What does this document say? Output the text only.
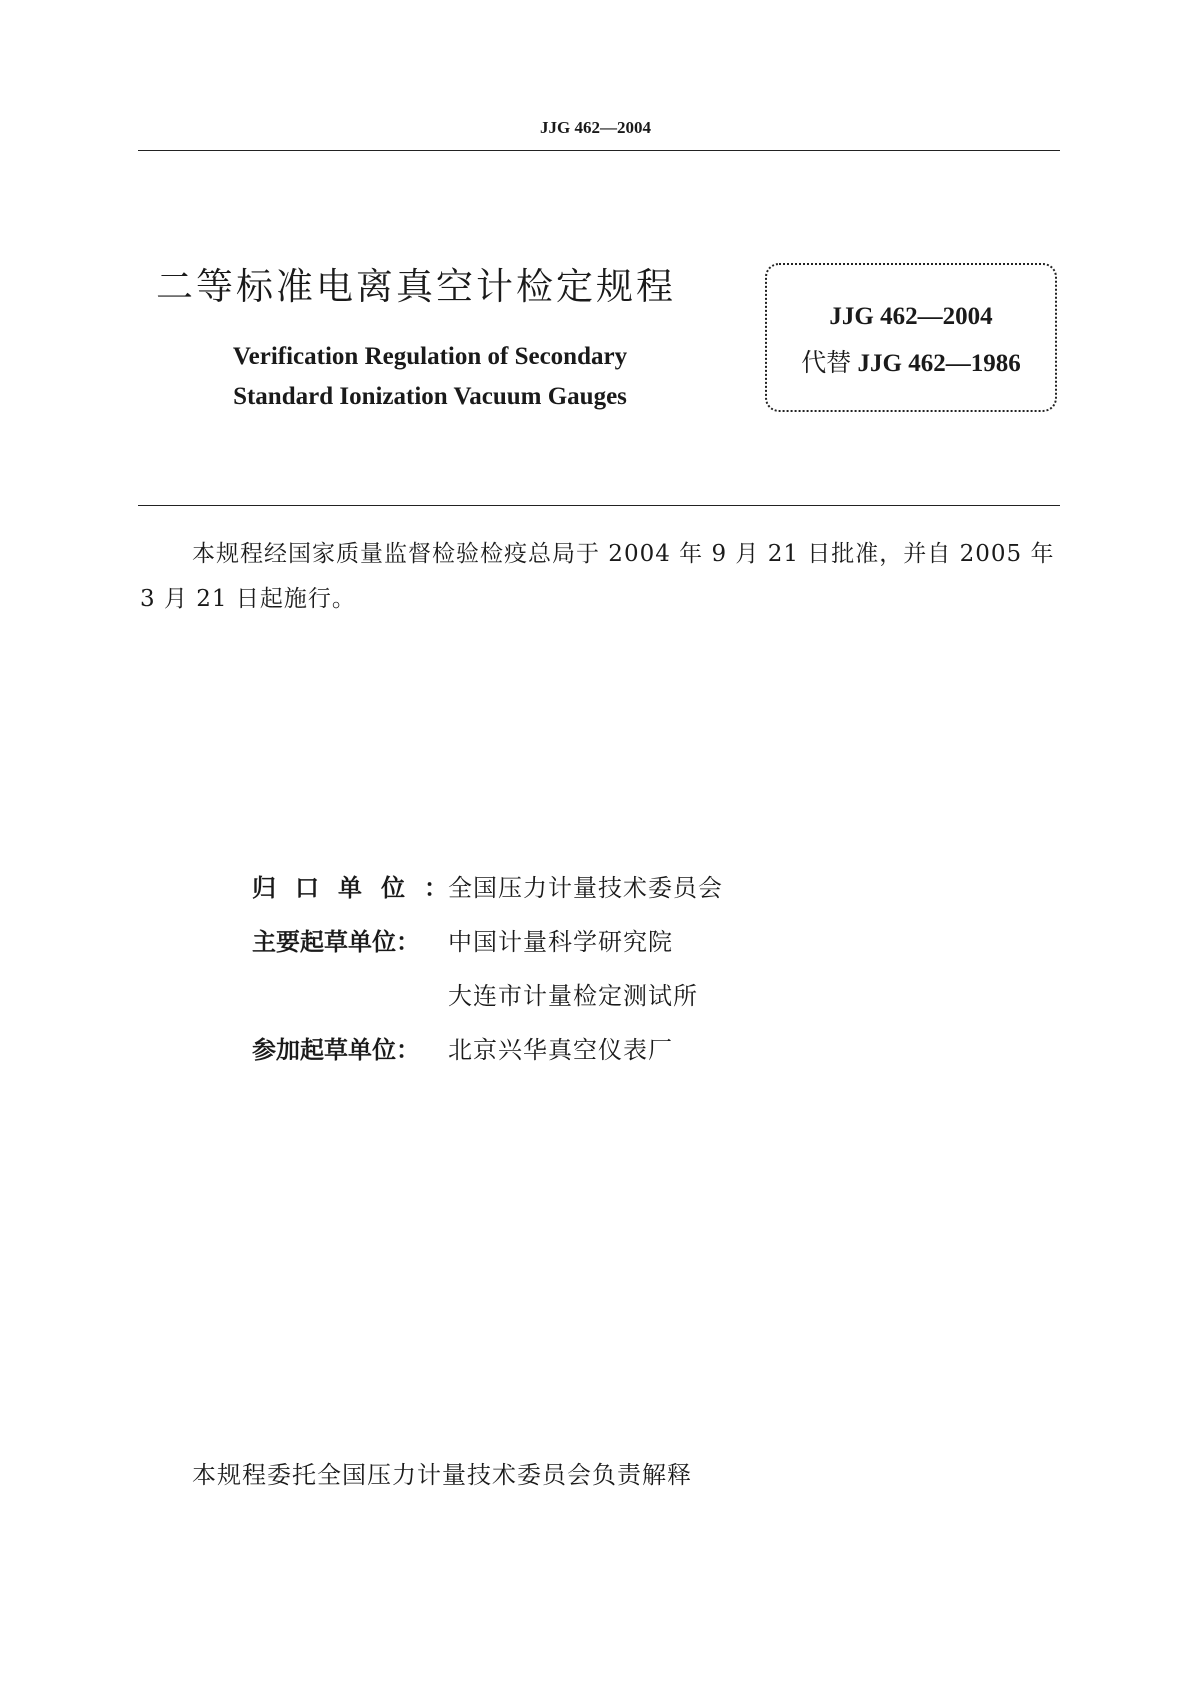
JJG 462—2004
二等标准电离真空计检定规程
Verification Regulation of Secondary
Standard Ionization Vacuum Gauges
JJG 462—2004
代替 JJG 462—1986
本规程经国家质量监督检验检疫总局于 2004 年 9 月 21 日批准，并自 2005 年 3 月 21 日起施行。
归口单位：全国压力计量技术委员会
主要起草单位： 中国计量科学研究院
大连市计量检定测试所
参加起草单位： 北京兴华真空仪表厂
本规程委托全国压力计量技术委员会负责解释
